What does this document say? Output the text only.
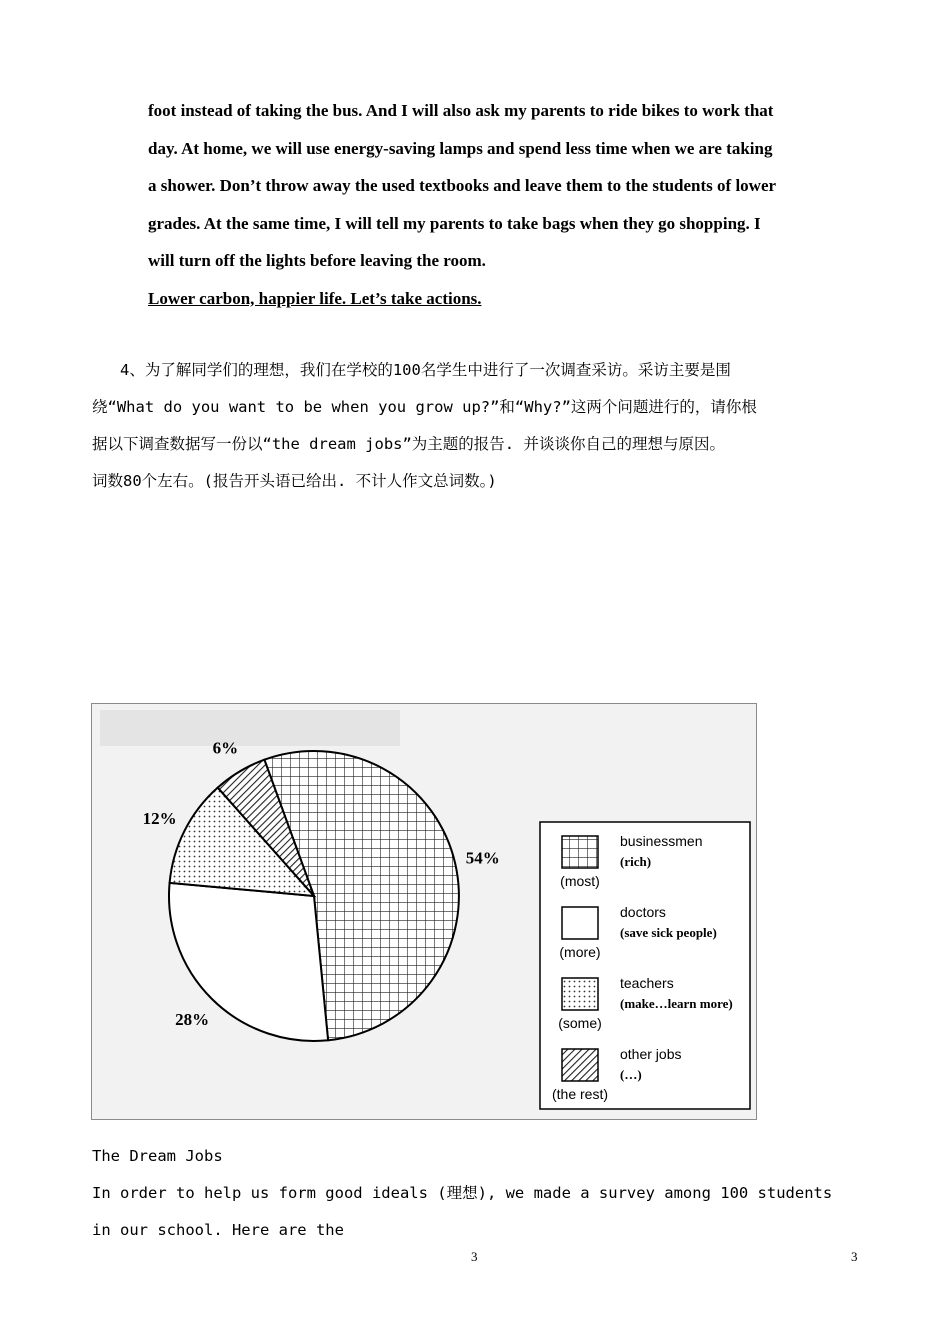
foot instead of taking the bus. And I will also ask my parents to ride bikes to work that
day. At home, we will use energy-saving lamps and spend less time when we are taking
a shower. Don’t throw away the used textbooks and leave them to the students of lower
grades. At the same time, I will tell my parents to take bags when they go shopping. I
will turn off the lights before leaving the room.
Lower carbon, happier life. Let’s take actions.
4、为了解同学们的理想，我们在学校的100名学生中进行了一次调查采访。采访主要是围
绕“What do you want to be when you grow up?”和“Why?”这两个问题进行的，请你根
据以下调查数据写一份以“the dream jobs”为主题的报告. 并谈谈你自己的理想与原因。
词数80个左右。(报告开头语已给出. 不计人作文总词数。)
54%
28%
12%
6%
businessmen
(rich)
(most)
doctors
(save sick people)
(more)
teachers
(make…learn more)
(some)
other jobs
(…)
(the rest)
The Dream Jobs
In order to help us form good ideals (理想), we made a survey among 100 students
in our school. Here are the
3	3
